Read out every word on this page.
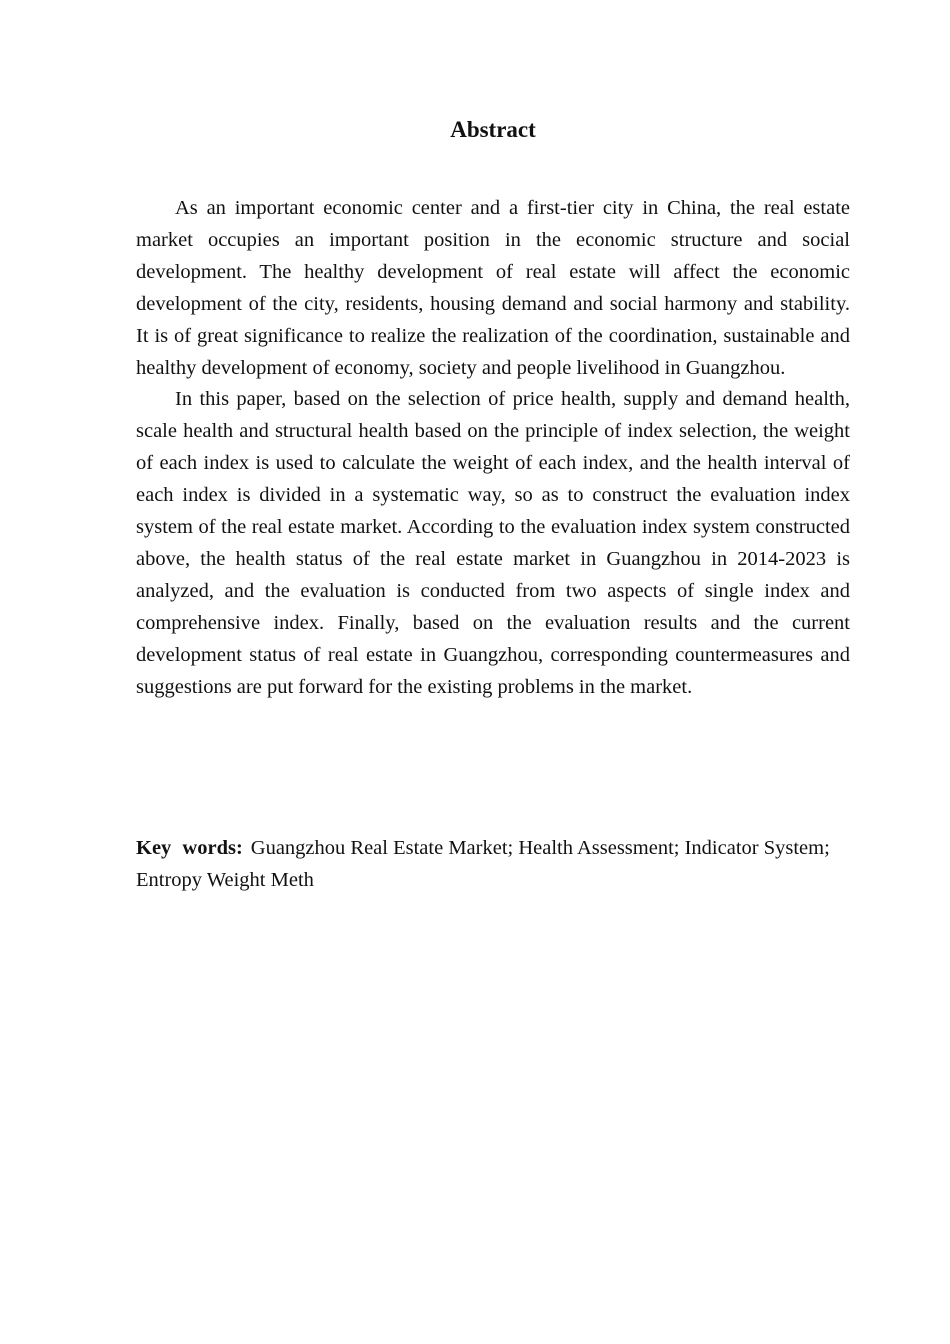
Abstract

As an important economic center and a first-tier city in China, the real estate market occupies an important position in the economic structure and social development. The healthy development of real estate will affect the economic development of the city, residents, housing demand and social harmony and stability. It is of great significance to realize the realization of the coordination, sustainable and healthy development of economy, society and people livelihood in Guangzhou.

In this paper, based on the selection of price health, supply and demand health, scale health and structural health based on the principle of index selection, the weight of each index is used to calculate the weight of each index, and the health interval of each index is divided in a systematic way, so as to construct the evaluation index system of the real estate market. According to the evaluation index system constructed above, the health status of the real estate market in Guangzhou in 2014-2023 is analyzed, and the evaluation is conducted from two aspects of single index and comprehensive index. Finally, based on the evaluation results and the current development status of real estate in Guangzhou, corresponding countermeasures and suggestions are put forward for the existing problems in the market.

Key words: Guangzhou Real Estate Market; Health Assessment; Indicator System; Entropy Weight Meth
